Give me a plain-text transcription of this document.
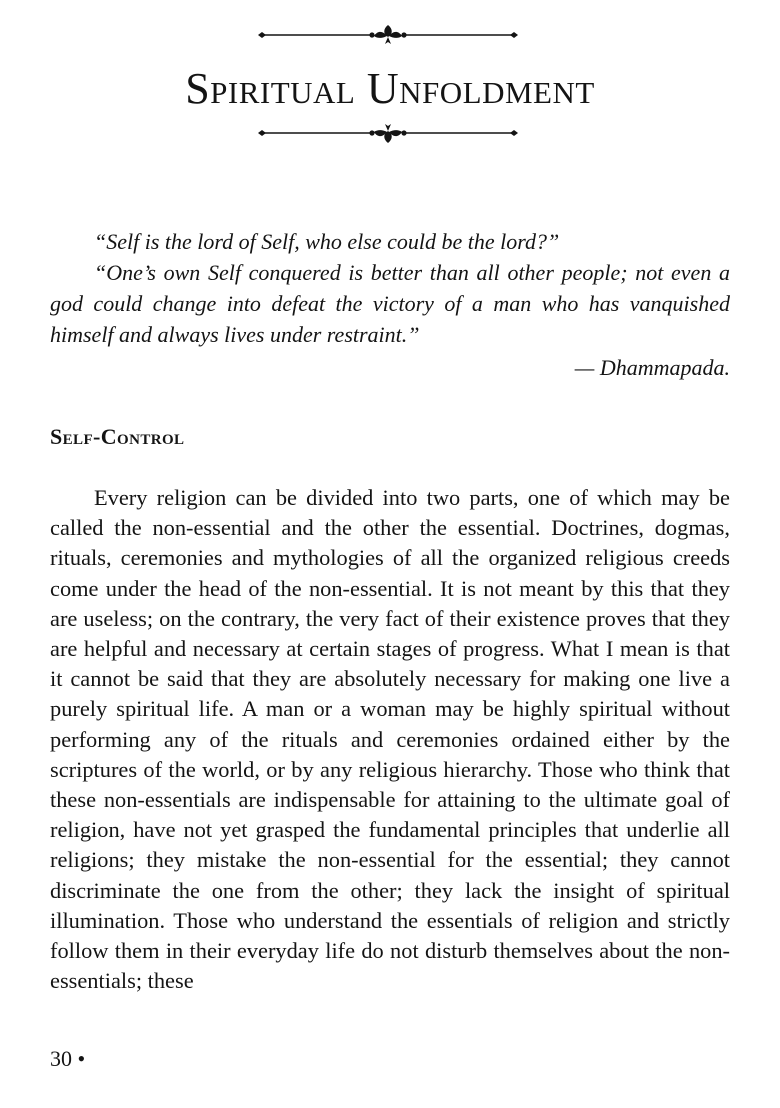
Spiritual Unfoldment

“Self is the lord of Self, who else could be the lord?”

“One’s own Self conquered is better than all other people; not even a god could change into defeat the victory of a man who has vanquished himself and always lives under restraint.”

— Dhammapada.

Self-Control

Every religion can be divided into two parts, one of which may be called the non-essential and the other the essential. Doctrines, dogmas, rituals, ceremonies and mythologies of all the organized religious creeds come under the head of the non-essential. It is not meant by this that they are useless; on the contrary, the very fact of their existence proves that they are helpful and necessary at certain stages of progress. What I mean is that it cannot be said that they are absolutely necessary for making one live a purely spiritual life. A man or a woman may be highly spiritual without performing any of the rituals and ceremonies ordained either by the scriptures of the world, or by any religious hierarchy. Those who think that these non-essentials are indispensable for attaining to the ultimate goal of religion, have not yet grasped the fundamental principles that underlie all religions; they mistake the non-essential for the essential; they cannot discriminate the one from the other; they lack the insight of spiritual illumination. Those who understand the essentials of religion and strictly follow them in their everyday life do not disturb themselves about the non-essentials; these

30 •
